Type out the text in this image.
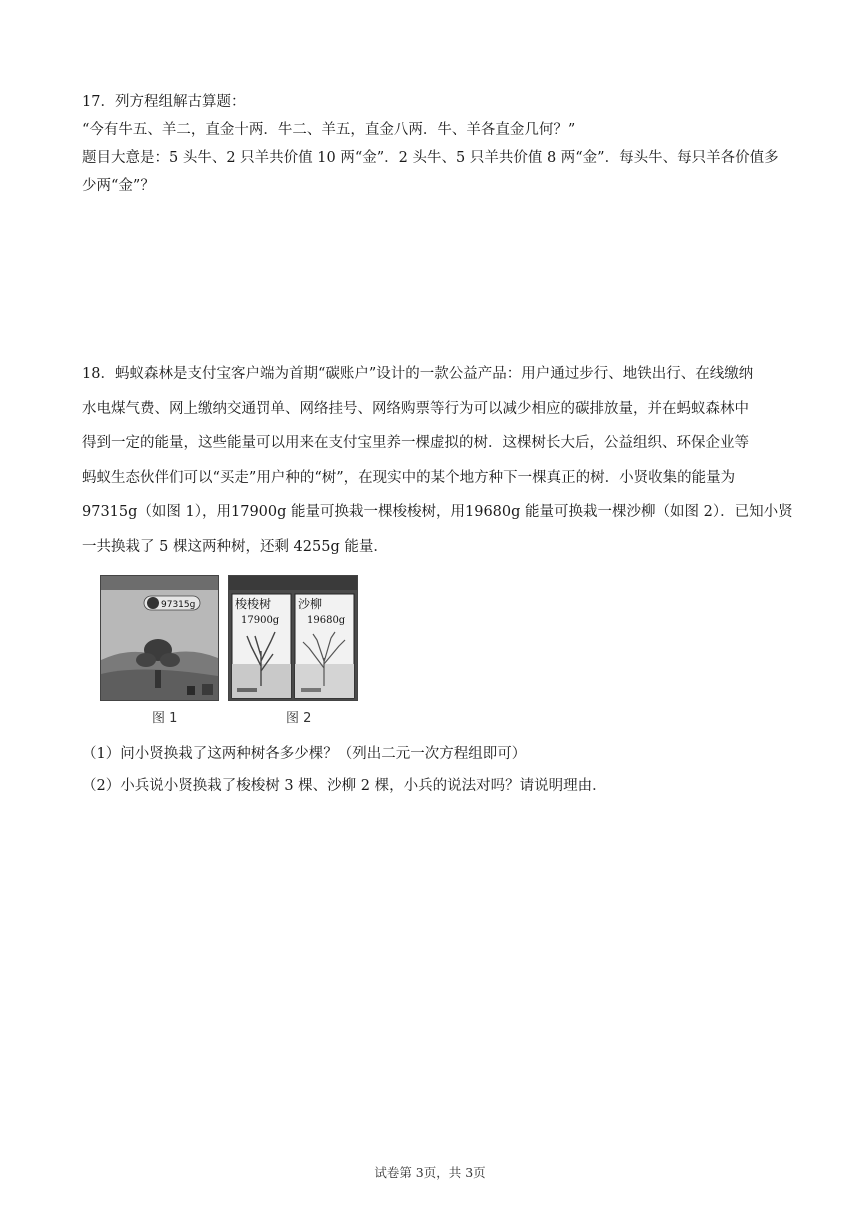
17．列方程组解古算题：
“今有牛五、羊二，直金十两．牛二、羊五，直金八两．牛、羊各直金几何？”
题目大意是：5 头牛、2 只羊共价值 10 两“金”．2 头牛、5 只羊共价值 8 两“金”．每头牛、每只羊各价值多
少两“金”？
18．蚂蚁森林是支付宝客户端为首期“碳账户”设计的一款公益产品：用户通过步行、地铁出行、在线缴纳
水电煤气费、网上缴纳交通罚单、网络挂号、网络购票等行为可以减少相应的碳排放量，并在蚂蚁森林中
得到一定的能量，这些能量可以用来在支付宝里养一棵虚拟的树．这棵树长大后，公益组织、环保企业等
蚂蚁生态伙伴们可以“买走”用户种的“树”，在现实中的某个地方种下一棵真正的树．小贤收集的能量为
97315g（如图 1），用17900g 能量可换栽一棵梭梭树，用19680g 能量可换栽一棵沙柳（如图 2）．已知小贤
一共换栽了 5 棵这两种树，还剩 4255g 能量．
97315g	梭梭树
17900g
沙柳
19680g
图 1	图 2
（1）问小贤换栽了这两种树各多少棵？（列出二元一次方程组即可）
（2）小兵说小贤换栽了梭梭树 3 棵、沙柳 2 棵，小兵的说法对吗？请说明理由．
试卷第 3页，共 3页
